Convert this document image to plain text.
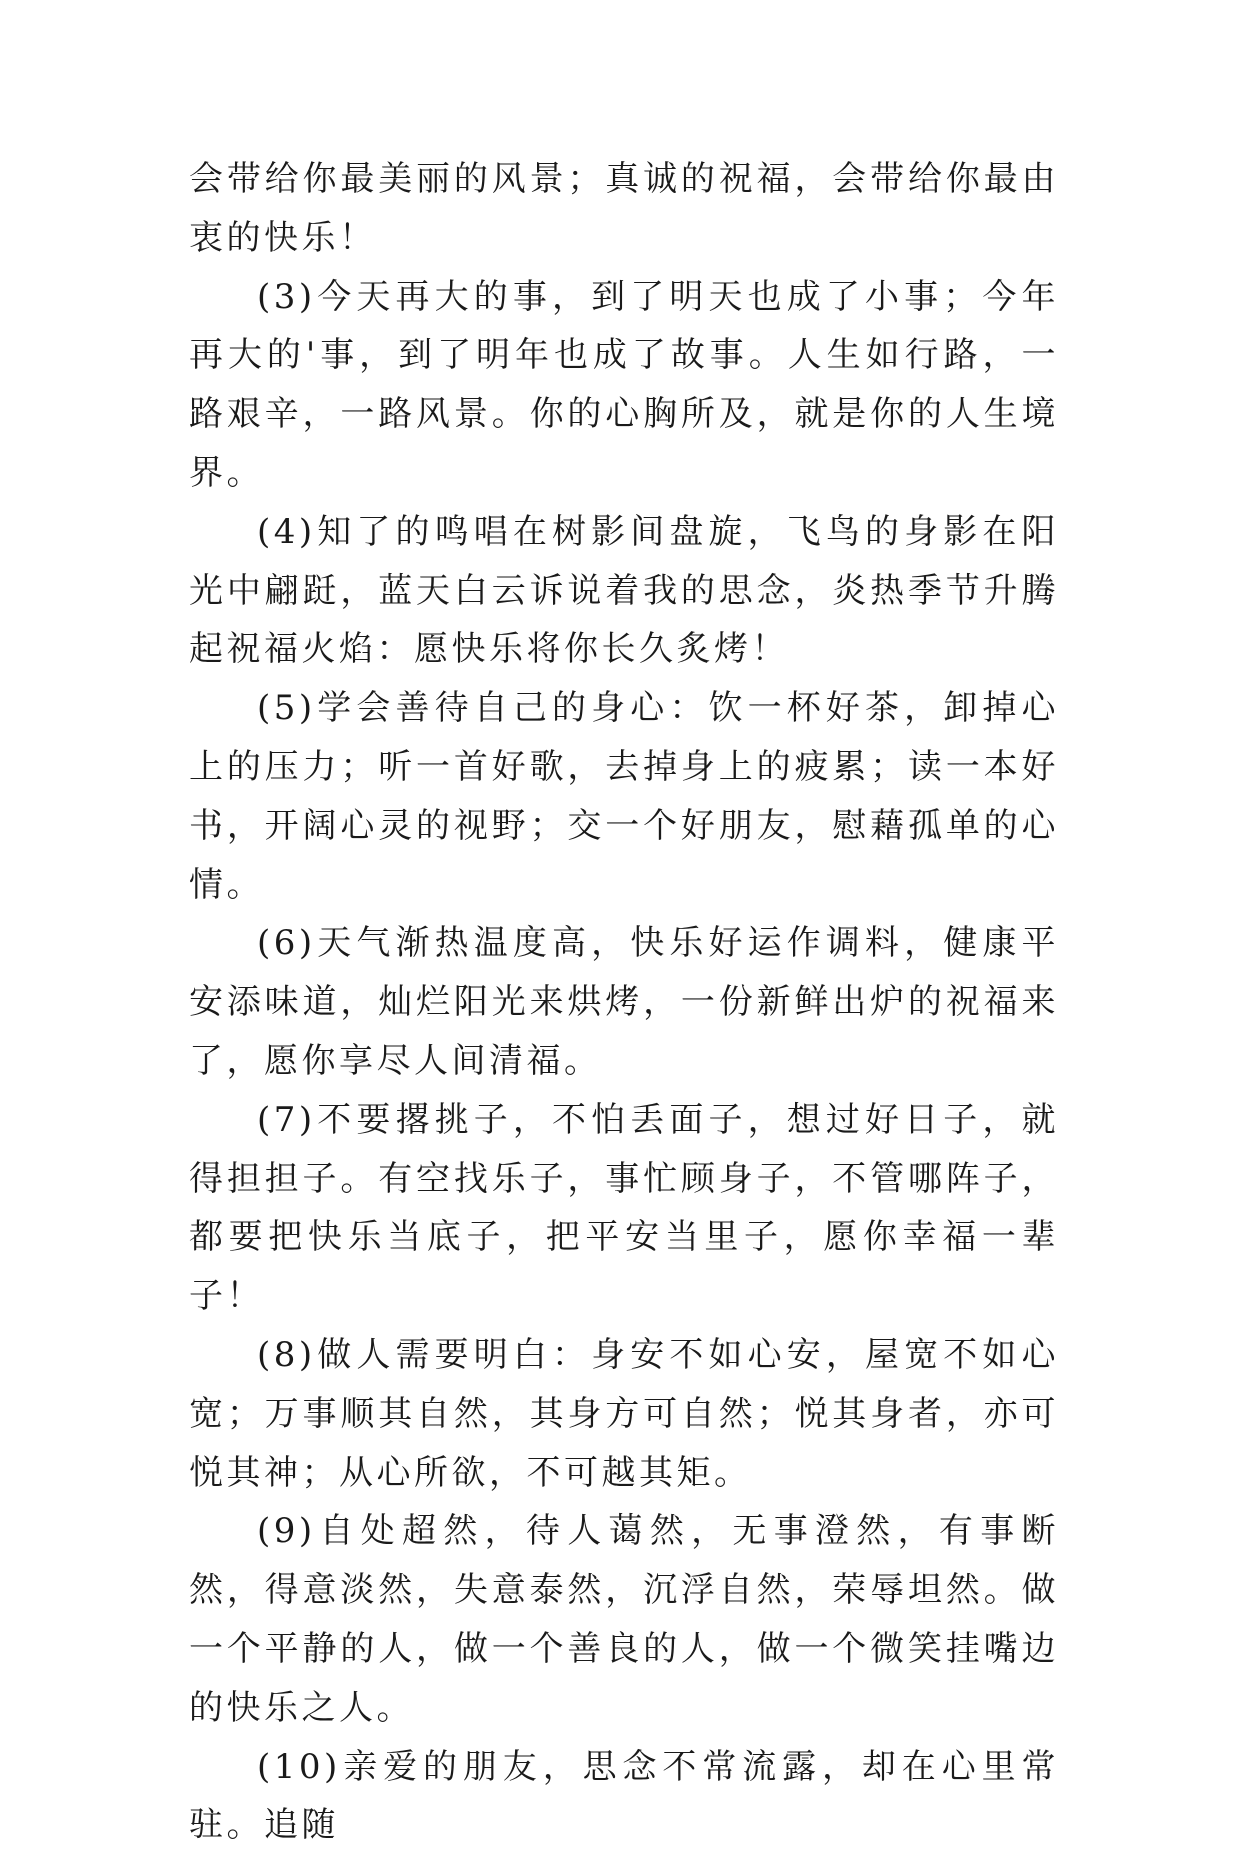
会带给你最美丽的风景；真诚的祝福，会带给你最由衷的快乐！

(3)今天再大的事，到了明天也成了小事；今年再大的'事，到了明年也成了故事。人生如行路，一路艰辛，一路风景。你的心胸所及，就是你的人生境界。

(4)知了的鸣唱在树影间盘旋，飞鸟的身影在阳光中翩跹，蓝天白云诉说着我的思念，炎热季节升腾起祝福火焰：愿快乐将你长久炙烤！

(5)学会善待自己的身心：饮一杯好茶，卸掉心上的压力；听一首好歌，去掉身上的疲累；读一本好书，开阔心灵的视野；交一个好朋友，慰藉孤单的心情。

(6)天气渐热温度高，快乐好运作调料，健康平安添味道，灿烂阳光来烘烤，一份新鲜出炉的祝福来了，愿你享尽人间清福。

(7)不要撂挑子，不怕丢面子，想过好日子，就得担担子。有空找乐子，事忙顾身子，不管哪阵子，都要把快乐当底子，把平安当里子，愿你幸福一辈子！

(8)做人需要明白：身安不如心安，屋宽不如心宽；万事顺其自然，其身方可自然；悦其身者，亦可悦其神；从心所欲，不可越其矩。

(9)自处超然，待人蔼然，无事澄然，有事断然，得意淡然，失意泰然，沉浮自然，荣辱坦然。做一个平静的人，做一个善良的人，做一个微笑挂嘴边的快乐之人。

(10)亲爱的朋友，思念不常流露，却在心里常驻。追随
